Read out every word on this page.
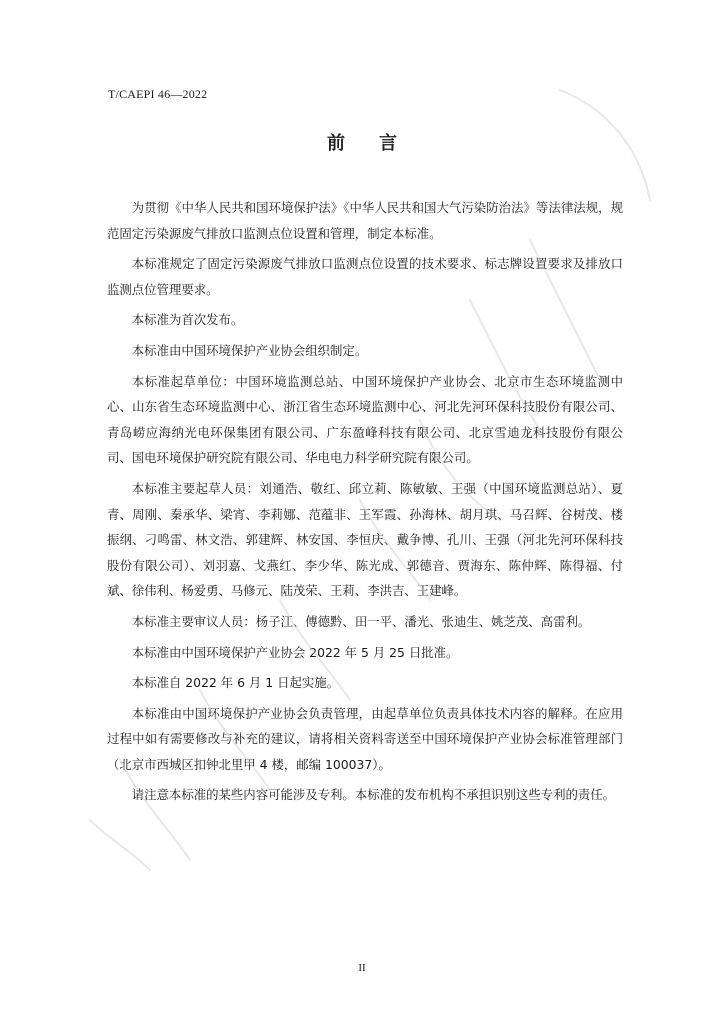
T/CAEPI 46—2022
前言

为贯彻《中华人民共和国环境保护法》《中华人民共和国大气污染防治法》等法律法规，规范固定污染源废气排放口监测点位设置和管理，制定本标准。

本标准规定了固定污染源废气排放口监测点位设置的技术要求、标志牌设置要求及排放口监测点位管理要求。

本标准为首次发布。

本标准由中国环境保护产业协会组织制定。

本标准起草单位：中国环境监测总站、中国环境保护产业协会、北京市生态环境监测中心、山东省生态环境监测中心、浙江省生态环境监测中心、河北先河环保科技股份有限公司、青岛崂应海纳光电环保集团有限公司、广东盈峰科技有限公司、北京雪迪龙科技股份有限公司、国电环境保护研究院有限公司、华电电力科学研究院有限公司。

本标准主要起草人员：刘通浩、敬红、邱立莉、陈敏敏、王强（中国环境监测总站）、夏青、周刚、秦承华、梁宵、李莉娜、范蕴非、王军霞、孙海林、胡月琪、马召辉、谷树茂、楼振纲、刁鸣雷、林文浩、郭建辉、林安国、李恒庆、戴争博、孔川、王强（河北先河环保科技股份有限公司）、刘羽嘉、戈燕红、李少华、陈光成、郭德音、贾海东、陈仲辉、陈得福、付斌、徐伟利、杨爱勇、马修元、陆茂荣、王莉、李洪吉、王建峰。

本标准主要审议人员：杨子江、傅德黔、田一平、潘光、张迪生、姚芝茂、高雷利。

本标准由中国环境保护产业协会 2022 年 5 月 25 日批准。

本标准自 2022 年 6 月 1 日起实施。

本标准由中国环境保护产业协会负责管理，由起草单位负责具体技术内容的解释。在应用过程中如有需要修改与补充的建议，请将相关资料寄送至中国环境保护产业协会标准管理部门（北京市西城区扣钟北里甲 4 楼，邮编 100037）。

请注意本标准的某些内容可能涉及专利。本标准的发布机构不承担识别这些专利的责任。

II
